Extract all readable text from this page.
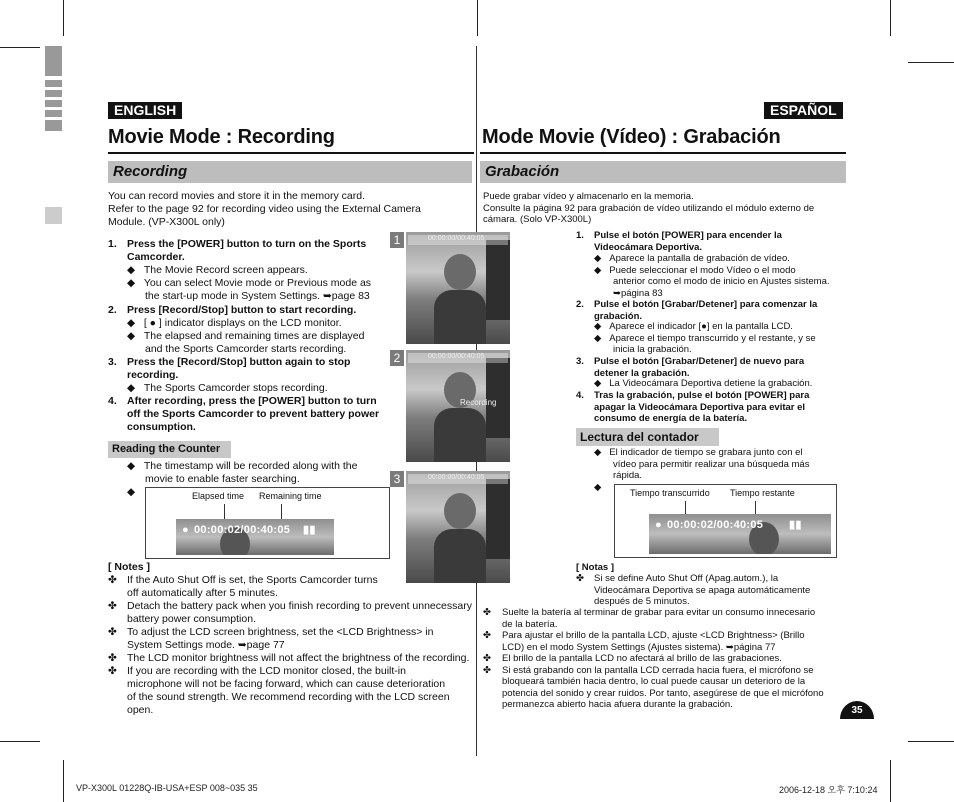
ENGLISH
Movie Mode : Recording
Recording
ESPAÑOL
Mode Movie (Vídeo) : Grabación
Grabación
You can record movies and store it in the memory card.
Refer to the page 92 for recording video using the External Camera
Module. (VP-X300L only)
1. Press the [POWER] button to turn on the Sports
Camcorder.
◆   The Movie Record screen appears.
◆   You can select Movie mode or Previous mode as
the start-up mode in System Settings. ➥page 83
2. Press [Record/Stop] button to start recording.
◆   [ ● ] indicator displays on the LCD monitor.
◆   The elapsed and remaining times are displayed
and the Sports Camcorder starts recording.
3. Press the [Record/Stop] button again to stop
recording.
◆   The Sports Camcorder stops recording.
4. After recording, press the [POWER] button to turn
off the Sports Camcorder to prevent battery power
consumption.
Reading the Counter
◆   The timestamp will be recorded along with the
movie to enable faster searching.
◆	Elapsed time Remaining time
● 00:00:02/00:40:05 ▮▮
[ Notes ]
✤ If the Auto Shut Off is set, the Sports Camcorder turns
off automatically after 5 minutes.
✤ Detach the battery pack when you finish recording to prevent unnecessary
battery power consumption.
✤ To adjust the LCD screen brightness, set the <LCD Brightness> in
System Settings mode. ➥page 77
✤ The LCD monitor brightness will not affect the brightness of the recording.
✤ If you are recording with the LCD monitor closed, the built-in
microphone will not be facing forward, which can cause deterioration
of the sound strength. We recommend recording with the LCD screen
open.
1	00:00:00/00:40:05
2	00:00:00/00:40:05
Recording
3	00:00:00/00:40:05
Puede grabar vídeo y almacenarlo en la memoria.
Consulte la página 92 para grabación de vídeo utilizando el módulo externo de
cámara. (Solo VP-X300L)
1. Pulse el botón [POWER] para encender la
Videocámara Deportiva.
◆   Aparece la pantalla de grabación de vídeo.
◆   Puede seleccionar el modo Vídeo o el modo
anterior como el modo de inicio en Ajustes sistema.
➥página 83
2. Pulse el botón [Grabar/Detener] para comenzar la
grabación.
◆   Aparece el indicador [●] en la pantalla LCD.
◆   Aparece el tiempo transcurrido y el restante, y se
inicia la grabación.
3. Pulse el botón [Grabar/Detener] de nuevo para
detener la grabación.
◆   La Videocámara Deportiva detiene la grabación.
4. Tras la grabación, pulse el botón [POWER] para
apagar la Videocámara Deportiva para evitar el
consumo de energía de la batería.
Lectura del contador
◆   El indicador de tiempo se grabara junto con el
vídeo para permitir realizar una búsqueda más
rápida.
◆
Tiempo transcurrido Tiempo restante
● 00:00:02/00:40:05 ▮▮
[ Notas ]
✤	Si se define Auto Shut Off (Apag.autom.), la
Videocámara Deportiva se apaga automáticamente
después de 5 minutos.
✤	Suelte la batería al terminar de grabar para evitar un consumo innecesario
de la batería.
✤	Para ajustar el brillo de la pantalla LCD, ajuste <LCD Brightness> (Brillo
LCD) en el modo System Settings (Ajustes sistema). ➥página 77
✤	El brillo de la pantalla LCD no afectará al brillo de las grabaciones.
✤	Si está grabando con la pantalla LCD cerrada hacia fuera, el micrófono se
bloqueará también hacia dentro, lo cual puede causar un deterioro de la
potencia del sonido y crear ruidos. Por tanto, asegúrese de que el micrófono
permanezca abierto hacia afuera durante la grabación.
35
VP-X300L 01228Q-IB-USA+ESP 008~035 35	2006-12-18 오후 7:10:24
